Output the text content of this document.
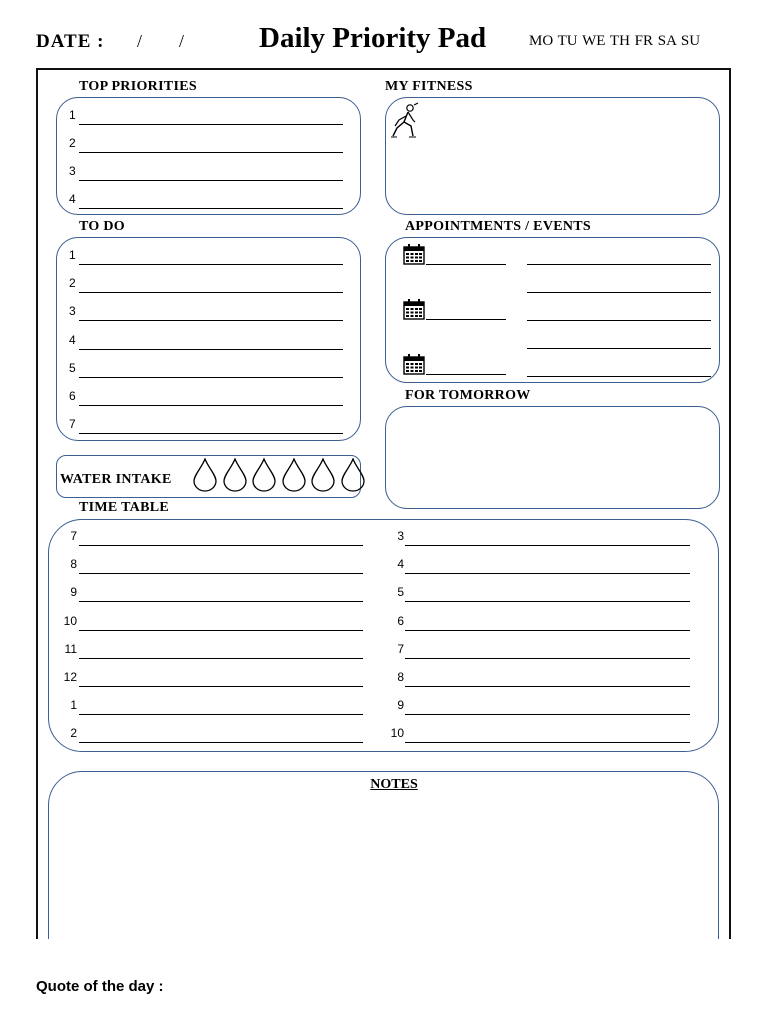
DATE : / /	Daily Priority Pad	MO TU WE TH FR SA SU
TOP PRIORITIES
1
2
3
4
MY FITNESS
TO DO
1
2
3
4
5
6
7
APPOINTMENTS / EVENTS
FOR TOMORROW
WATER INTAKE
TIME TABLE
7
8
9
10
11
12
1
2
3
4
5
6
7
8
9
10
NOTES
Quote of the day :
